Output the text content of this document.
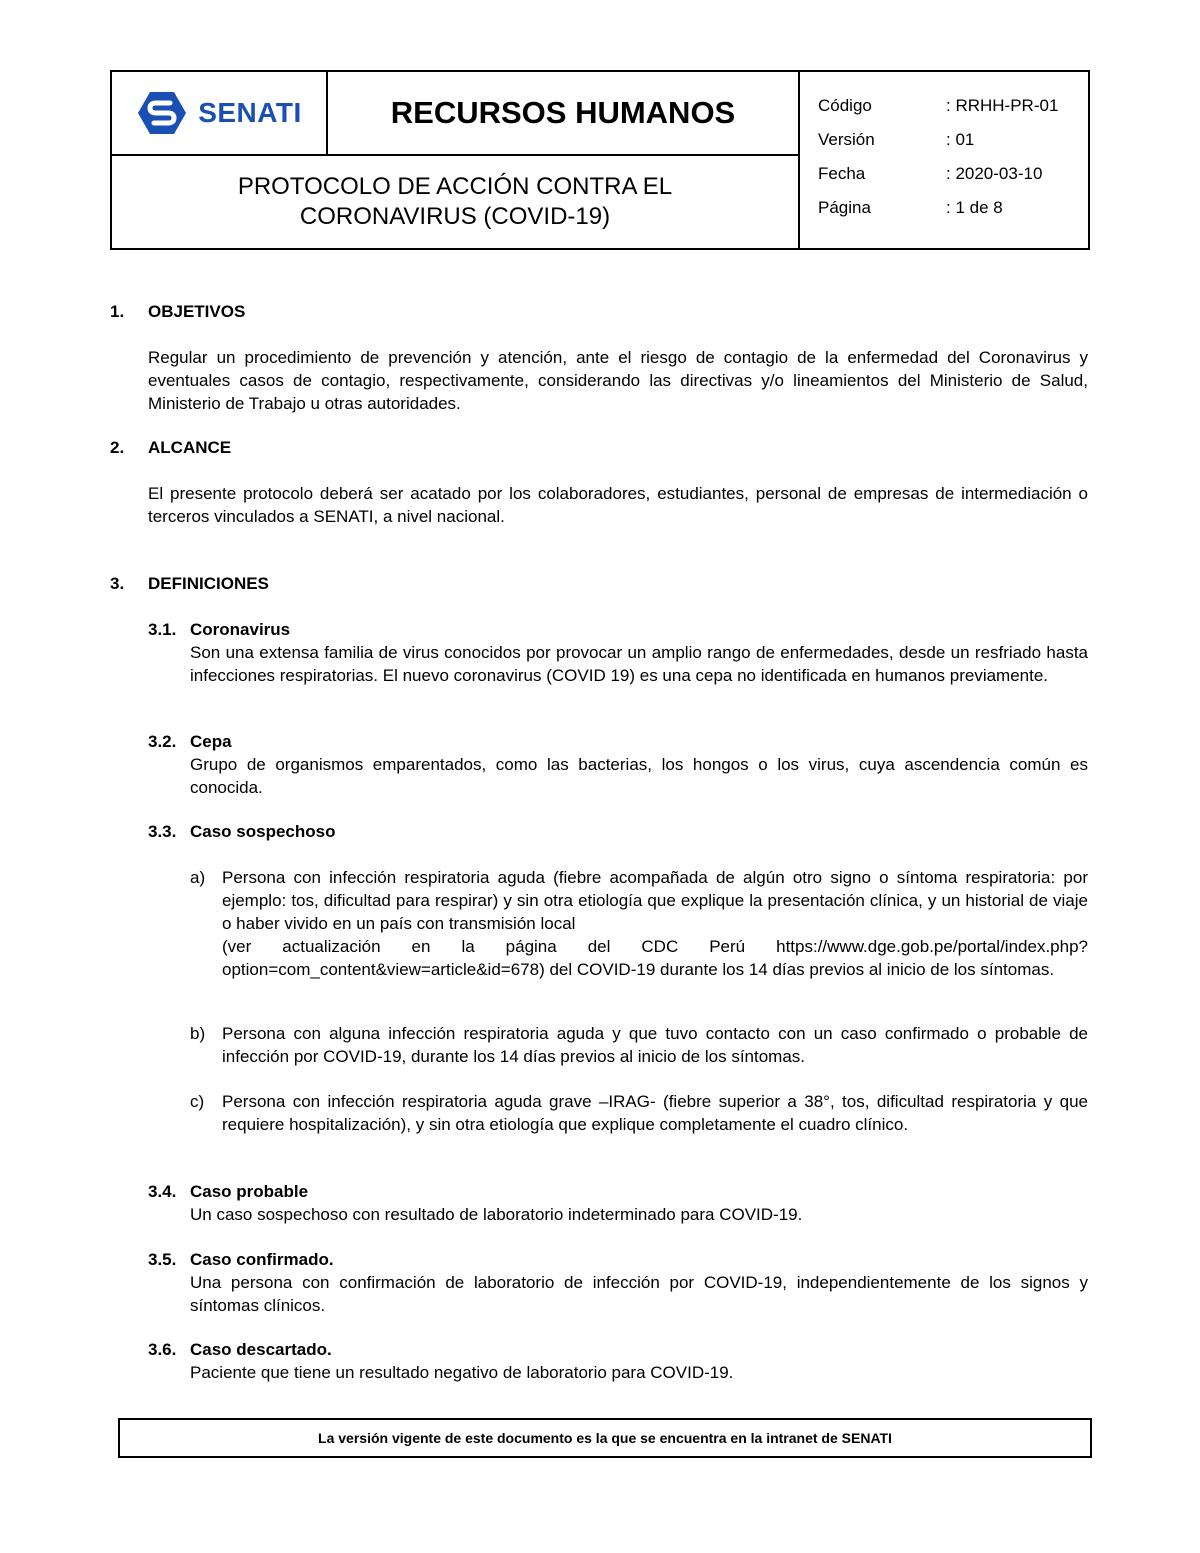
SENATI	RECURSOS HUMANOS
PROTOCOLO DE ACCIÓN CONTRA EL
CORONAVIRUS (COVID-19)
Código	: RRHH-PR-01
Versión	: 01
Fecha	: 2020-03-10
Página	: 1 de 8
1. OBJETIVOS
Regular un procedimiento de prevención y atención, ante el riesgo de contagio de la enfermedad del Coronavirus y eventuales casos de contagio, respectivamente, considerando las directivas y/o lineamientos del Ministerio de Salud, Ministerio de Trabajo u otras autoridades.
2. ALCANCE
El presente protocolo deberá ser acatado por los colaboradores, estudiantes, personal de empresas de intermediación o terceros vinculados a SENATI, a nivel nacional.
3. DEFINICIONES
3.1. Coronavirus
Son una extensa familia de virus conocidos por provocar un amplio rango de enfermedades, desde un resfriado hasta infecciones respiratorias. El nuevo coronavirus (COVID 19) es una cepa no identificada en humanos previamente.
3.2. Cepa
Grupo de organismos emparentados, como las bacterias, los hongos o los virus, cuya ascendencia común es conocida.
3.3. Caso sospechoso
a) Persona con infección respiratoria aguda (fiebre acompañada de algún otro signo o síntoma respiratoria: por ejemplo: tos, dificultad para respirar) y sin otra etiología que explique la presentación clínica, y un historial de viaje o haber vivido en un país con transmisión local
(ver actualización en la página del CDC Perú https://www.dge.gob.pe/portal/index.php?option=com_content&view=article&id=678) del COVID-19 durante los 14 días previos al inicio de los síntomas.
b) Persona con alguna infección respiratoria aguda y que tuvo contacto con un caso confirmado o probable de infección por COVID-19, durante los 14 días previos al inicio de los síntomas.
c) Persona con infección respiratoria aguda grave –IRAG- (fiebre superior a 38°, tos, dificultad respiratoria y que requiere hospitalización), y sin otra etiología que explique completamente el cuadro clínico.
3.4. Caso probable
Un caso sospechoso con resultado de laboratorio indeterminado para COVID-19.
3.5. Caso confirmado.
Una persona con confirmación de laboratorio de infección por COVID-19, independientemente de los signos y síntomas clínicos.
3.6. Caso descartado.
Paciente que tiene un resultado negativo de laboratorio para COVID-19.
La versión vigente de este documento es la que se encuentra en la intranet de SENATI
